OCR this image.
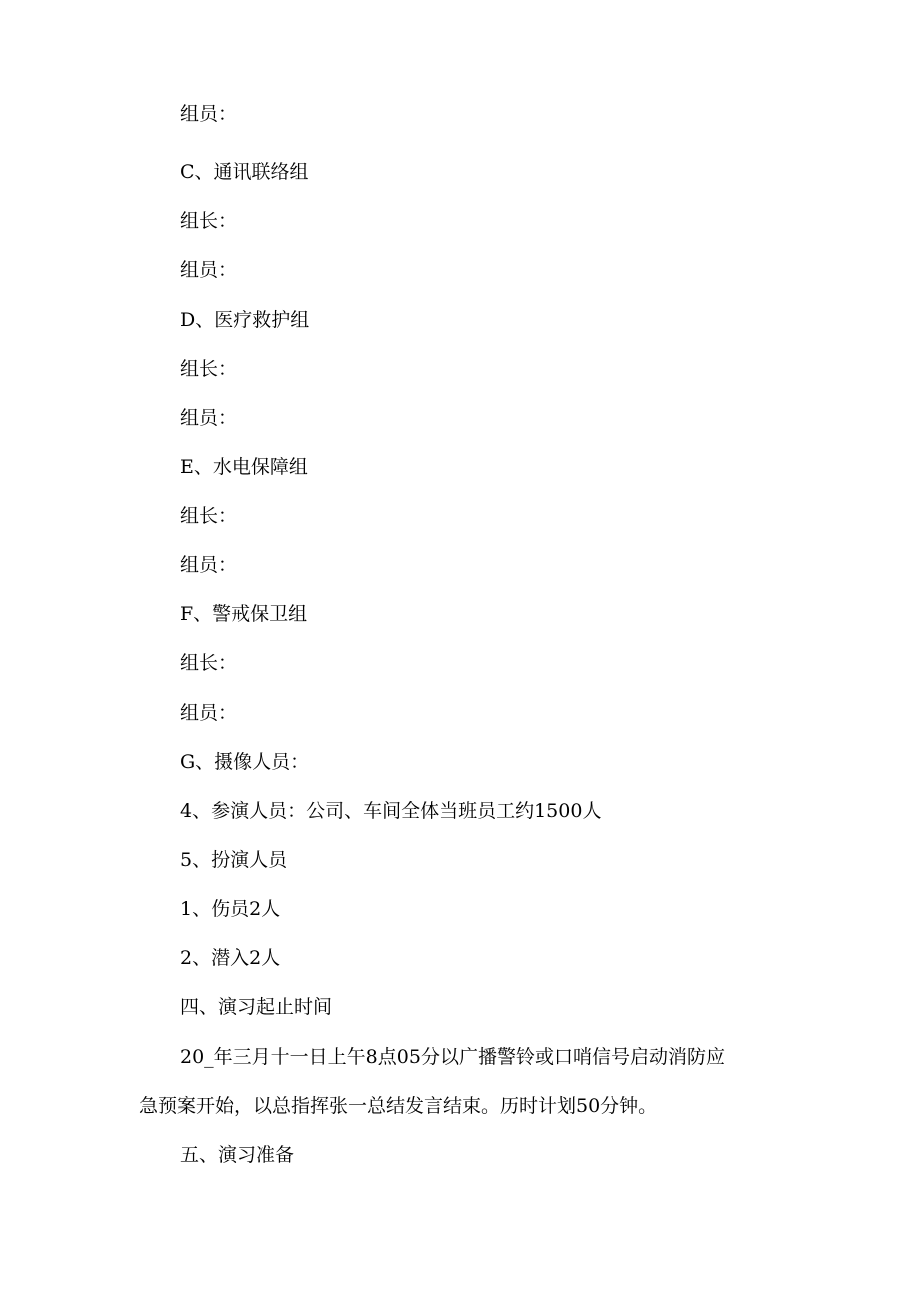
组员：
C、通讯联络组
组长：
组员：
D、医疗救护组
组长：
组员：
E、水电保障组
组长：
组员：
F、警戒保卫组
组长：
组员：
G、摄像人员：
4、参演人员：公司、车间全体当班员工约1500人
5、扮演人员
1、伤员2人
2、潜入2人
四、演习起止时间
20_年三月十一日上午8点05分以广播警铃或口哨信号启动消防应
急预案开始，以总指挥张一总结发言结束。历时计划50分钟。
五、演习准备
